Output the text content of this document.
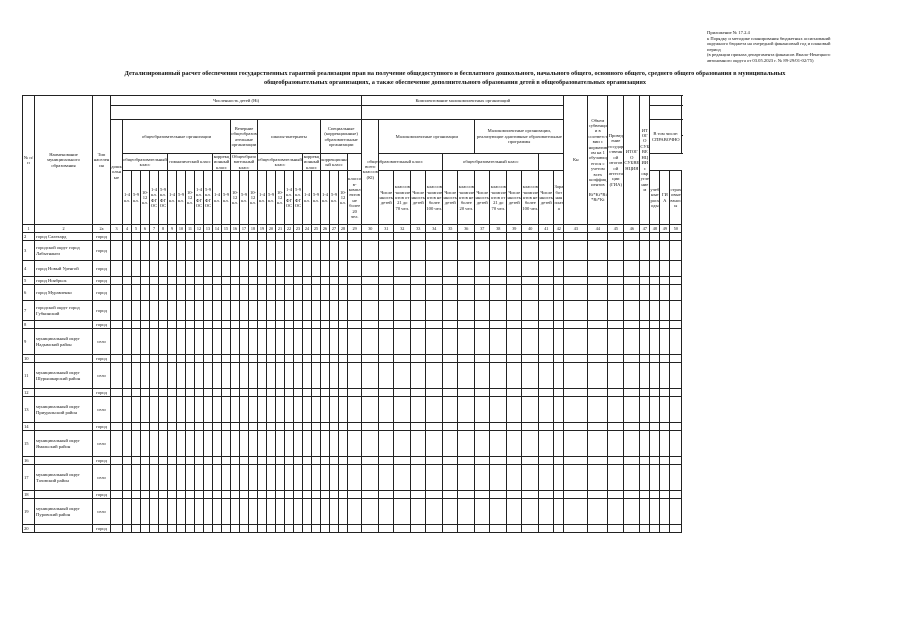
Приложение № 17.2.4
к Порядку и методике планирования бюджетных ассигнований
окружного бюджета на очередной финансовый год и плановый
период
(в редакции приказа департамента финансов Ямало-Ненецкого
автономного округа от 03.05.2023 г. № 89-29/01-02/75)
Детализированный расчет обеспечения государственных гарантий реализации прав на получение общедоступного и бесплатного дошкольного, начального общего, основного общего, среднего общего образования в муниципальных
общеобразовательных организациях, а также обеспечение дополнительного образования детей в общеобразовательных организациях
№ п/п	Наименование муниципального образования	Тип населения	Численность детей (Нi)																											Комплектование малокомплектных организаций													Кн	Объем субвенции в соответствии с нормативом на 1 обучающегося с учетом всех коэффициентов
Ri*Ki*Ri*Ri*Ki	Проведение государственной итоговой аттестации (ГИА)	ИТОГО СУБВЕНЦИЯ	ИТОГО СУБВЕНЦИИ с округлением				

			дошкольные	общеобразовательные организации												Вечерние общеобразовательные организации			школы-интернаты							Специальные (коррекционные) образовательные организации				всего классов (Кl)	Малокомплектные организации						Малокомплектные организации, реализующие адаптивные образовательные программы											В том числе: СПРАВОЧНО			

				общеобразовательный класс					гимназический класс					коррекционный класс		Общеобразовательный класс			общеобразовательный класс					коррекционный класс		коррекционный класс			общеобразовательный класс						общеобразовательный класс																
				1-4 кл.	5-9 кл.	10-12 кл.	1-4 кл. ФГОС	5-9 кл. ФГОС	1-4 кл.	5-9 кл.	10-12 кл.	1-4 кл. ФГОС	5-9 кл. ФГОС	1-4 кл.	5-9 кл.	10-12 кл.	5-9 кл.	10-12 кл.	1-4 кл.	5-9 кл.	10-12 кл.	1-4 кл. ФГОС	5-9 кл. ФГОС	1-4 кл.	5-9 кл.	1-4 кл.	5-9 кл.	10-12 кл.	классов-комплектов не более 20 чел.		Численность детей	классов-комплектов от 21 до 70 чел.	Численность детей	классов-комплектов не более 100 чел.	Численность детей	классов-комплектов не более 20 чел.	Численность детей	классов-комплектов от 21 до 70 чел.	Численность детей	классов-комплектов не более 100 чел.	Численность детей	Заработная плата						учебные расходы	ГИА	страховые взносы	

1	2	2а	3	4	5	6	7	8	9	10	11	12	13	14	15	16	17	18	19	20	21	22	23	24	25	26	27	28	29	30	31	32	33	34	35	36	37	38	39	40	41	42	43	44	45	46	47	48	49	50	
2	город Салехард	город																																																	
3	городской округ город Лабытнанги	город																																																	
4	город Новый Уренгой	город																																																	
5	город Ноябрьск	город																																																	
6	город Муравленко	город																																																	
7	городской округ город Губкинский	город																																																	
8		город																																																	
9	муниципальный округ Надымский район	село																																																	
10		город																																																	
11	муниципальный округ Шурышкарский район	село																																																	
12		город																																																	
13	муниципальный округ Приуральский район	село																																																	
14		город																																																	
15	муниципальный округ Ямальский район	село																																																	
16		город																																																	
17	муниципальный округ Тазовский район	село																																																	
18		город																																																	
19	муниципальный округ Пуровский район	село																																																	
20		город																																																	
